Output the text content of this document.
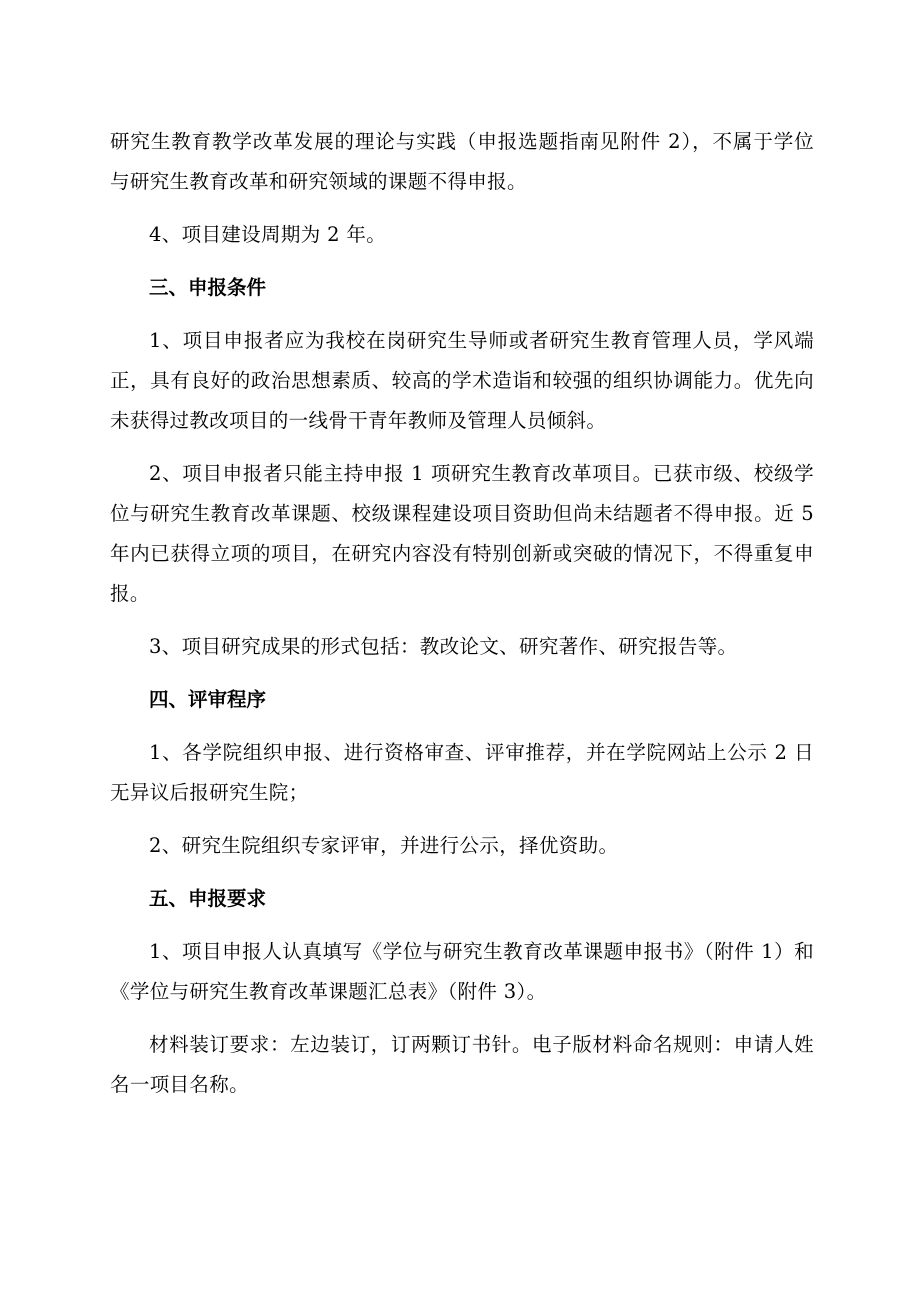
研究生教育教学改革发展的理论与实践（申报选题指南见附件 2），不属于学位与研究生教育改革和研究领域的课题不得申报。

4、项目建设周期为 2 年。

三、申报条件

1、项目申报者应为我校在岗研究生导师或者研究生教育管理人员，学风端正，具有良好的政治思想素质、较高的学术造诣和较强的组织协调能力。优先向未获得过教改项目的一线骨干青年教师及管理人员倾斜。

2、项目申报者只能主持申报 1 项研究生教育改革项目。已获市级、校级学位与研究生教育改革课题、校级课程建设项目资助但尚未结题者不得申报。近 5 年内已获得立项的项目，在研究内容没有特别创新或突破的情况下，不得重复申报。

3、项目研究成果的形式包括：教改论文、研究著作、研究报告等。

四、评审程序

1、各学院组织申报、进行资格审查、评审推荐，并在学院网站上公示 2 日无异议后报研究生院；

2、研究生院组织专家评审，并进行公示，择优资助。

五、申报要求

1、项目申报人认真填写《学位与研究生教育改革课题申报书》（附件 1）和《学位与研究生教育改革课题汇总表》（附件 3）。

材料装订要求：左边装订，订两颗订书针。电子版材料命名规则：申请人姓名一项目名称。
